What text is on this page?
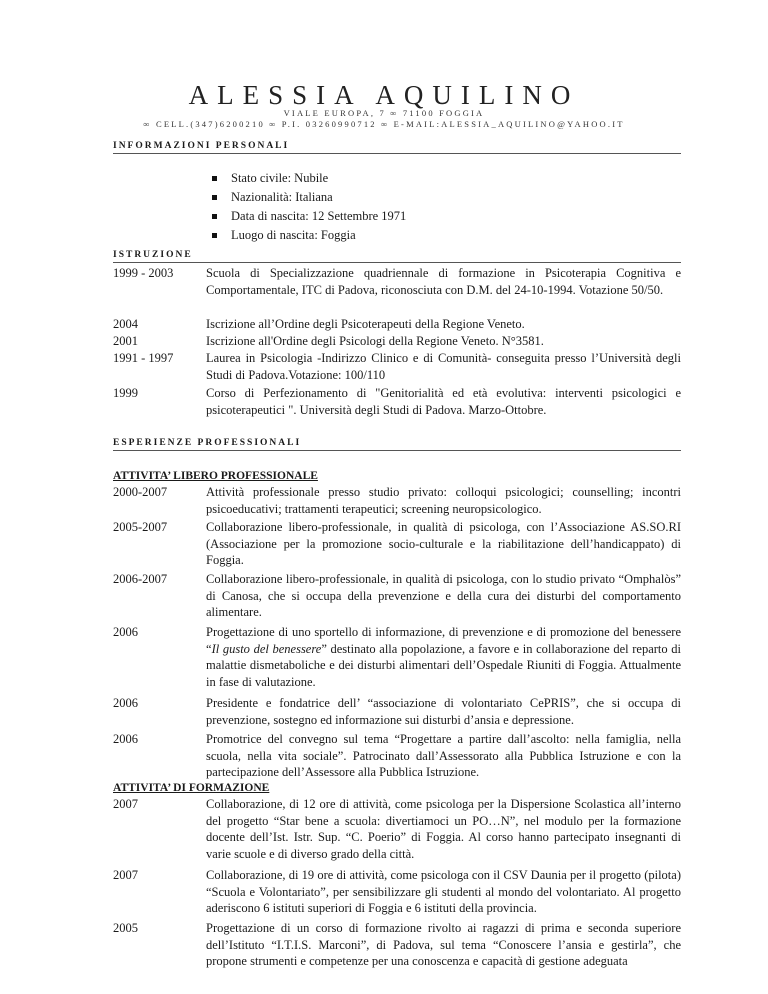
ALESSIA AQUILINO
VIALE EUROPA, 7 ∞ 71100 FOGGIA
∞ CELL.(347)6200210 ∞ P.I. 03260990712 ∞ E-MAIL:ALESSIA_AQUILINO@YAHOO.IT
INFORMAZIONI PERSONALI
Stato civile: Nubile
Nazionalità: Italiana
Data di nascita: 12 Settembre 1971
Luogo di nascita: Foggia
ISTRUZIONE
1999 - 2003	Scuola di Specializzazione quadriennale di formazione in Psicoterapia Cognitiva e Comportamentale, ITC di Padova, riconosciuta con D.M. del 24-10-1994. Votazione 50/50.
2004	Iscrizione all’Ordine degli Psicoterapeuti della Regione Veneto.
2001	Iscrizione all'Ordine degli Psicologi della Regione Veneto. N°3581.
1991 - 1997	Laurea in Psicologia -Indirizzo Clinico e di Comunità- conseguita presso l’Università degli Studi di Padova.Votazione: 100/110
1999	Corso di Perfezionamento di "Genitorialità ed età evolutiva: interventi psicologici e psicoterapeutici ". Università degli Studi di Padova. Marzo-Ottobre.
ESPERIENZE PROFESSIONALI
ATTIVITA’ LIBERO PROFESSIONALE
2000-2007	Attività professionale presso studio privato: colloqui psicologici; counselling; incontri psicoeducativi; trattamenti terapeutici; screening neuropsicologico.
2005-2007	Collaborazione libero-professionale, in qualità di psicologa, con l’Associazione AS.SO.RI (Associazione per la promozione socio-culturale e la riabilitazione dell’handicappato) di Foggia.
2006-2007	Collaborazione libero-professionale, in qualità di psicologa, con lo studio privato “Omphalòs” di Canosa, che si occupa della prevenzione e della cura dei disturbi del comportamento alimentare.
2006	Progettazione di uno sportello di informazione, di prevenzione e di promozione del benessere “Il gusto del benessere” destinato alla popolazione, a favore e in collaborazione del reparto di malattie dismetaboliche e dei disturbi alimentari dell’Ospedale Riuniti di Foggia. Attualmente in fase di valutazione.
2006	Presidente e fondatrice dell’ “associazione di volontariato CePRIS”, che si occupa di prevenzione, sostegno ed informazione sui disturbi d’ansia e depressione.
2006	Promotrice del convegno sul tema “Progettare a partire dall’ascolto: nella famiglia, nella scuola, nella vita sociale”. Patrocinato dall’Assessorato alla Pubblica Istruzione e con la partecipazione dell’Assessore alla Pubblica Istruzione.
ATTIVITA’ DI FORMAZIONE
2007	Collaborazione, di 12 ore di attività, come psicologa per la Dispersione Scolastica all’interno del progetto “Star bene a scuola: divertiamoci un PO…N”, nel modulo per la formazione docente dell’Ist. Istr. Sup. “C. Poerio” di Foggia. Al corso hanno partecipato insegnanti di varie scuole e di diverso grado della città.
2007	Collaborazione, di 19 ore di attività, come psicologa con il CSV Daunia per il progetto (pilota) “Scuola e Volontariato”, per sensibilizzare gli studenti al mondo del volontariato. Al progetto aderiscono 6 istituti superiori di Foggia e 6 istituti della provincia.
2005	Progettazione di un corso di formazione rivolto ai ragazzi di prima e seconda superiore dell’Istituto “I.T.I.S. Marconi”, di Padova, sul tema “Conoscere l’ansia e gestirla”, che propone strumenti e competenze per una conoscenza e capacità di gestione adeguata
